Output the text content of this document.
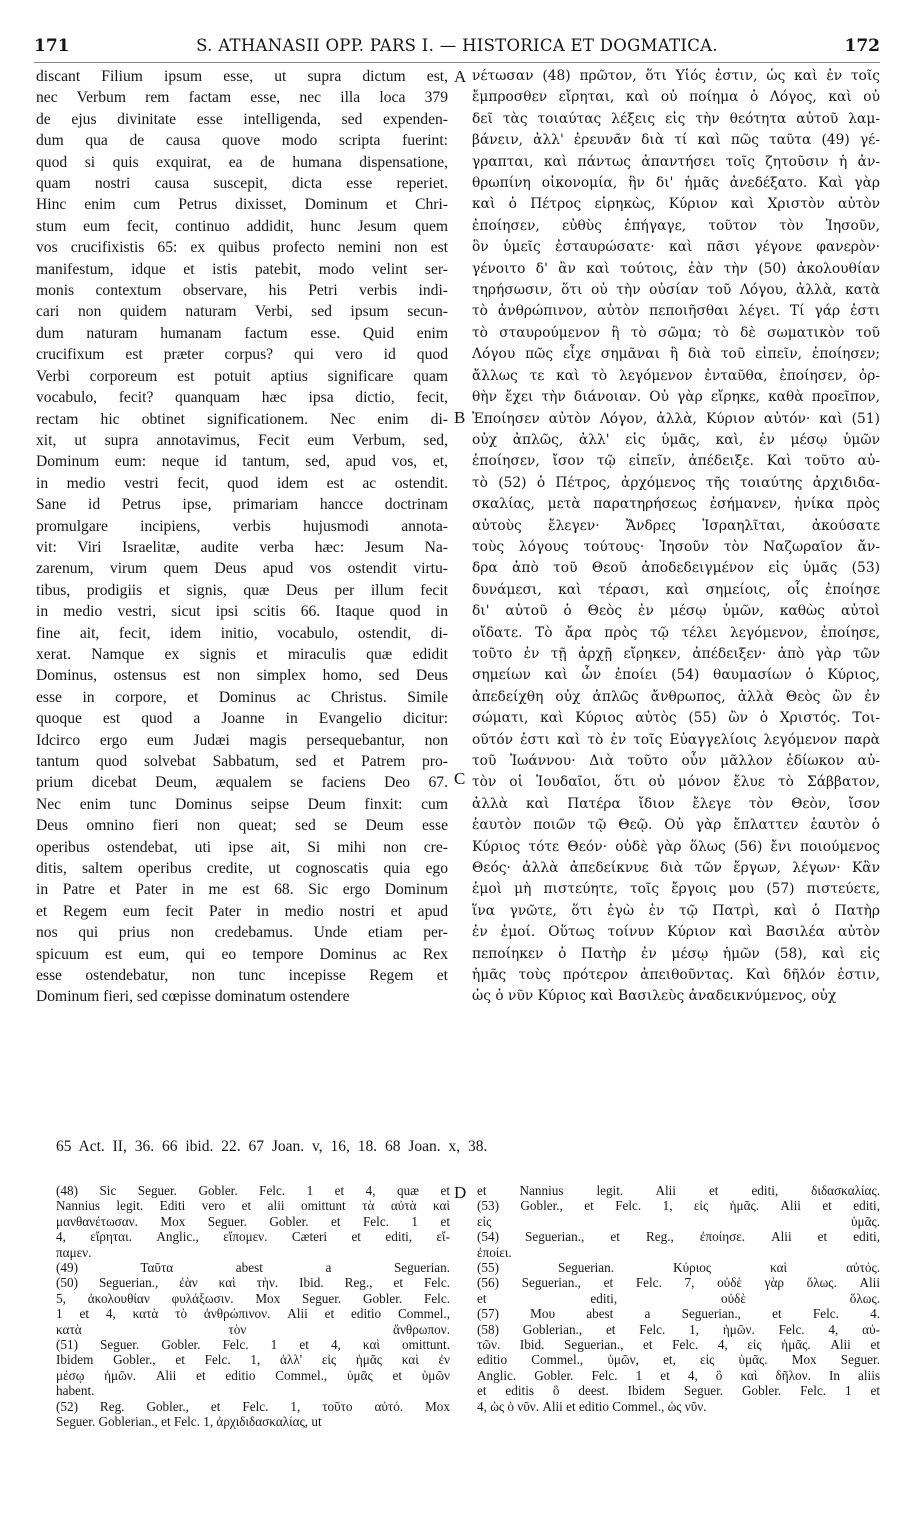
171	S. ATHANASII OPP. PARS I. — HISTORICA ET DOGMATICA.	172
discant Filium ipsum esse, ut supra dictum est,
nec Verbum rem factam esse, nec illa loca 379
de ejus divinitate esse intelligenda, sed expenden-
dum qua de causa quove modo scripta fuerint:
quod si quis exquirat, ea de humana dispensatione,
quam nostri causa suscepit, dicta esse reperiet.
Hinc enim cum Petrus dixisset, Dominum et Chri-
stum eum fecit, continuo addidit, hunc Jesum quem
vos crucifixistis 65: ex quibus profecto nemini non est
manifestum, idque et istis patebit, modo velint ser-
monis contextum observare, his Petri verbis indi-
cari non quidem naturam Verbi, sed ipsum secun-
dum naturam humanam factum esse. Quid enim
crucifixum est præter corpus? qui vero id quod
Verbi corporeum est potuit aptius significare quam
vocabulo, fecit? quanquam hæc ipsa dictio, fecit,
rectam hic obtinet significationem. Nec enim di-
xit, ut supra annotavimus, Fecit eum Verbum, sed,
Dominum eum: neque id tantum, sed, apud vos, et,
in medio vestri fecit, quod idem est ac ostendit.
Sane id Petrus ipse, primariam hancce doctrinam
promulgare incipiens, verbis hujusmodi annota-
vit: Viri Israelitæ, audite verba hæc: Jesum Na-
zarenum, virum quem Deus apud vos ostendit virtu-
tibus, prodigiis et signis, quæ Deus per illum fecit
in medio vestri, sicut ipsi scitis 66. Itaque quod in
fine ait, fecit, idem initio, vocabulo, ostendit, di-
xerat. Namque ex signis et miraculis quæ edidit
Dominus, ostensus est non simplex homo, sed Deus
esse in corpore, et Dominus ac Christus. Simile
quoque est quod a Joanne in Evangelio dicitur:
Idcirco ergo eum Judæi magis persequebantur, non
tantum quod solvebat Sabbatum, sed et Patrem pro-
prium dicebat Deum, æqualem se faciens Deo 67.
Nec enim tunc Dominus seipse Deum finxit: cum
Deus omnino fieri non queat; sed se Deum esse
operibus ostendebat, uti ipse ait, Si mihi non cre-
ditis, saltem operibus credite, ut cognoscatis quia ego
in Patre et Pater in me est 68. Sic ergo Dominum
et Regem eum fecit Pater in medio nostri et apud
nos qui prius non credebamus. Unde etiam per-
spicuum est eum, qui eo tempore Dominus ac Rex
esse ostendebatur, non tunc incepisse Regem et
Dominum fieri, sed cœpisse dominatum ostendere
νέτωσαν (48) πρῶτον, ὅτι Υἱός ἐστιν, ὡς καὶ ἐν τοῖς
ἔμπροσθεν εἴρηται, καὶ οὐ ποίημα ὁ Λόγος, καὶ οὐ
δεῖ τὰς τοιαύτας λέξεις εἰς τὴν θεότητα αὐτοῦ λαμ-
βάνειν, ἀλλ' ἐρευνᾶν διὰ τί καὶ πῶς ταῦτα (49) γέ-
γραπται, καὶ πάντως ἀπαντήσει τοῖς ζητοῦσιν ἡ ἀν-
θρωπίνη οἰκονομία, ἣν δι' ἡμᾶς ἀνεδέξατο. Καὶ γὰρ
καὶ ὁ Πέτρος εἰρηκὼς, Κύριον καὶ Χριστὸν αὐτὸν
ἐποίησεν, εὐθὺς ἐπήγαγε, τοῦτον τὸν Ἰησοῦν,
ὃν ὑμεῖς ἐσταυρώσατε· καὶ πᾶσι γέγονε φανερὸν·
γένοιτο δ' ἂν καὶ τούτοις, ἐὰν τὴν (50) ἀκολουθίαν
τηρήσωσιν, ὅτι οὐ τὴν οὐσίαν τοῦ Λόγου, ἀλλὰ, κατὰ
τὸ ἀνθρώπινον, αὐτὸν πεποιῆσθαι λέγει. Τί γάρ ἐστι
τὸ σταυρούμενον ἢ τὸ σῶμα; τὸ δὲ σωματικὸν τοῦ
Λόγου πῶς εἶχε σημᾶναι ἢ διὰ τοῦ εἰπεῖν, ἐποίησεν;
ἄλλως τε καὶ τὸ λεγόμενον ἐνταῦθα, ἐποίησεν, ὀρ-
θὴν ἔχει τὴν διάνοιαν. Οὐ γὰρ εἴρηκε, καθὰ προεῖπον,
Ἐποίησεν αὐτὸν Λόγον, ἀλλὰ, Κύριον αὐτόν· καὶ (51)
οὐχ ἁπλῶς, ἀλλ' εἰς ὑμᾶς, καὶ, ἐν μέσῳ ὑμῶν
ἐποίησεν, ἴσον τῷ εἰπεῖν, ἀπέδειξε. Καὶ τοῦτο αὐ-
τὸ (52) ὁ Πέτρος, ἀρχόμενος τῆς τοιαύτης ἀρχιδιδα-
σκαλίας, μετὰ παρατηρήσεως ἐσήμανεν, ἡνίκα πρὸς
αὐτοὺς ἔλεγεν· Ἄνδρες Ἰσραηλῖται, ἀκούσατε
τοὺς λόγους τούτους· Ἰησοῦν τὸν Ναζωραῖον ἄν-
δρα ἀπὸ τοῦ Θεοῦ ἀποδεδειγμένον εἰς ὑμᾶς (53)
δυνάμεσι, καὶ τέρασι, καὶ σημείοις, οἷς ἐποίησε
δι' αὐτοῦ ὁ Θεὸς ἐν μέσῳ ὑμῶν, καθὼς αὐτοὶ
οἴδατε. Τὸ ἄρα πρὸς τῷ τέλει λεγόμενον, ἐποίησε,
τοῦτο ἐν τῇ ἀρχῇ εἴρηκεν, ἀπέδειξεν· ἀπὸ γὰρ τῶν
σημείων καὶ ὧν ἐποίει (54) θαυμασίων ὁ Κύριος,
ἀπεδείχθη οὐχ ἁπλῶς ἄνθρωπος, ἀλλὰ Θεὸς ὢν ἐν
σώματι, καὶ Κύριος αὐτὸς (55) ὢν ὁ Χριστός. Τοι-
οῦτόν ἐστι καὶ τὸ ἐν τοῖς Εὐαγγελίοις λεγόμενον παρὰ
τοῦ Ἰωάννου· Διὰ τοῦτο οὖν μᾶλλον ἐδίωκον αὐ-
τὸν οἱ Ἰουδαῖοι, ὅτι οὐ μόνον ἔλυε τὸ Σάββατον,
ἀλλὰ καὶ Πατέρα ἴδιον ἔλεγε τὸν Θεὸν, ἴσον
ἑαυτὸν ποιῶν τῷ Θεῷ. Οὐ γὰρ ἔπλαττεν ἑαυτὸν ὁ
Κύριος τότε Θεόν· οὐδὲ γὰρ ὅλως (56) ἔνι ποιούμενος
Θεός· ἀλλὰ ἀπεδείκνυε διὰ τῶν ἔργων, λέγων· Κἂν
ἐμοὶ μὴ πιστεύητε, τοῖς ἔργοις μου (57) πιστεύετε,
ἵνα γνῶτε, ὅτι ἐγὼ ἐν τῷ Πατρὶ, καὶ ὁ Πατὴρ
ἐν ἐμοί. Οὕτως τοίνυν Κύριον καὶ Βασιλέα αὐτὸν
πεποίηκεν ὁ Πατὴρ ἐν μέσῳ ἡμῶν (58), καὶ εἰς
ἡμᾶς τοὺς πρότερον ἀπειθοῦντας. Καὶ δῆλόν ἐστιν,
ὡς ὁ νῦν Κύριος καὶ Βασιλεὺς ἀναδεικνύμενος, οὐχ
A
B
C
D
65 Act. II, 36. 66 ibid. 22. 67 Joan. v, 16, 18. 68 Joan. x, 38.
(48) Sic Seguer. Gobler. Felc. 1 et 4, quæ et
Nannius legit. Editi vero et alii omittunt τὰ αὐτὰ καὶ
μανθανέτωσαν. Mox Seguer. Gobler. et Felc. 1 et
4, εἴρηται. Anglic., εἴπομεν. Cæteri et editi, εἴ-
παμεν.
(49) Ταῦτα abest a Seguerian.
(50) Seguerian., ἐὰν καὶ τὴν. Ibid. Reg., et Felc.
5, ἀκολουθίαν φυλάξωσιν. Mox Seguer. Gobler. Felc.
1 et 4, κατὰ τὸ ἀνθρώπινον. Alii et editio Commel.,
κατὰ τὸν ἄνθρωπον.
(51) Seguer. Gobler. Felc. 1 et 4, καὶ omittunt.
Ibidem Gobler., et Felc. 1, ἀλλ' εἰς ἡμᾶς καὶ ἐν
μέσῳ ἡμῶν. Alii et editio Commel., ὑμᾶς et ὑμῶν
habent.
(52) Reg. Gobler., et Felc. 1, τοῦτο αὐτό. Mox
Seguer. Goblerian., et Felc. 1, ἀρχιδιδασκαλίας, ut
et Nannius legit. Alii et editi, διδασκαλίας.
(53) Gobler., et Felc. 1, εἰς ἡμᾶς. Alii et editi,
εἰς ὑμᾶς.
(54) Seguerian., et Reg., ἐποίησε. Alii et editi,
ἐποίει.
(55) Seguerian. Κύριος καὶ αὐτός.
(56) Seguerian., et Felc. 7, οὐδὲ γὰρ ὅλως. Alii
et editi, οὐδὲ ὅλως.
(57) Μου abest a Seguerian., et Felc. 4.
(58) Goblerian., et Felc. 1, ἡμῶν. Felc. 4, αὐ-
τῶν. Ibid. Seguerian., et Felc. 4, εἰς ἡμᾶς. Alii et
editio Commel., ὑμῶν, et, εἰς ὑμᾶς. Mox Seguer.
Anglic. Gobler. Felc. 1 et 4, ὃ καὶ δῆλον. In aliis
et editis ὃ deest. Ibidem Seguer. Gobler. Felc. 1 et
4, ὡς ὁ νῦν. Alii et editio Commel., ὡς νῦν.
